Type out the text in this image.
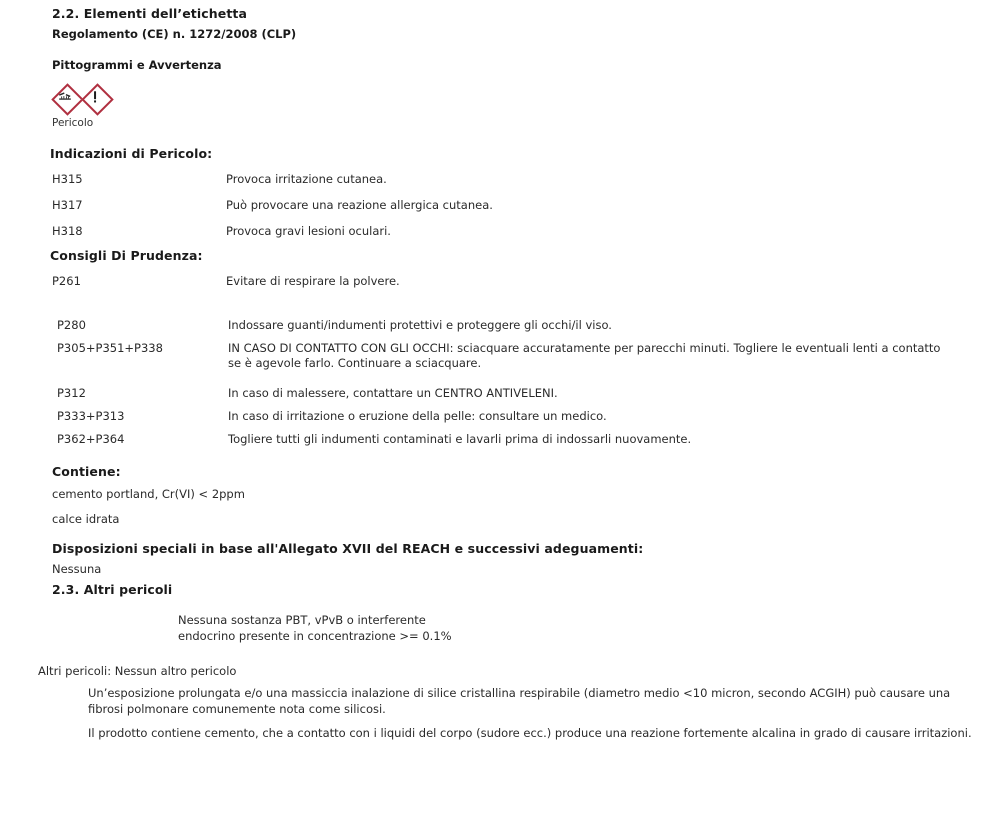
2.2. Elementi dell’etichetta
Regolamento (CE) n. 1272/2008 (CLP)
Pittogrammi e Avvertenza
Pericolo
Indicazioni di Pericolo:
H315	Provoca irritazione cutanea.
H317	Può provocare una reazione allergica cutanea.
H318	Provoca gravi lesioni oculari.
Consigli Di Prudenza:
P261	Evitare di respirare la polvere.
P280	Indossare guanti/indumenti protettivi e proteggere gli occhi/il viso.
P305+P351+P338	IN CASO DI CONTATTO CON GLI OCCHI: sciacquare accuratamente per parecchi minuti. Togliere le eventuali lenti a contatto se è agevole farlo. Continuare a sciacquare.
P312	In caso di malessere, contattare un CENTRO ANTIVELENI.
P333+P313	In caso di irritazione o eruzione della pelle: consultare un medico.
P362+P364	Togliere tutti gli indumenti contaminati e lavarli prima di indossarli nuovamente.
Contiene:
cemento portland, Cr(VI) < 2ppm
calce idrata
Disposizioni speciali in base all'Allegato XVII del REACH e successivi adeguamenti:
Nessuna
2.3. Altri pericoli
Nessuna sostanza PBT, vPvB o interferente
endocrino presente in concentrazione >= 0.1%
Altri pericoli: Nessun altro pericolo
Un’esposizione prolungata e/o una massiccia inalazione di silice cristallina respirabile (diametro medio <10 micron, secondo ACGIH) può causare una fibrosi polmonare comunemente nota come silicosi.
Il prodotto contiene cemento, che a contatto con i liquidi del corpo (sudore ecc.) produce una reazione fortemente alcalina in grado di causare irritazioni.
